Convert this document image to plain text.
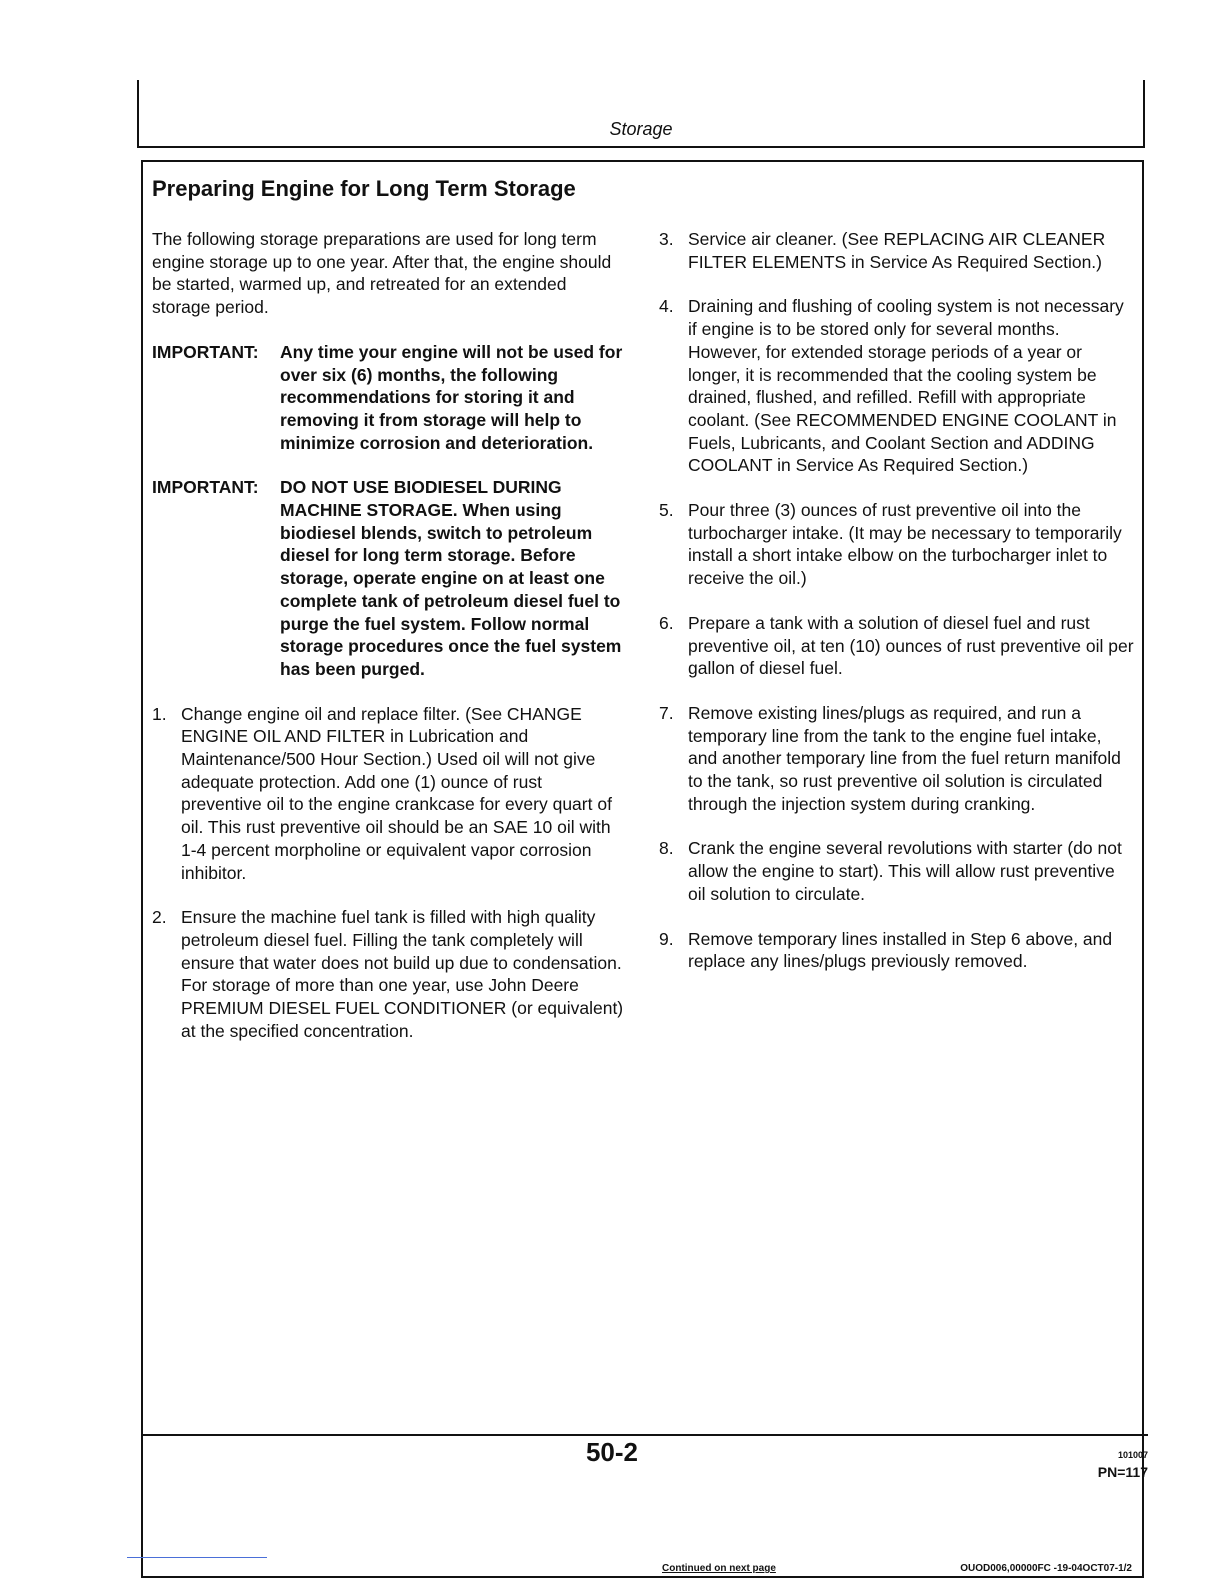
Storage
Preparing Engine for Long Term Storage

The following storage preparations are used for long term engine storage up to one year. After that, the engine should be started, warmed up, and retreated for an extended storage period.

IMPORTANT:	Any time your engine will not be used for over six (6) months, the following recommendations for storing it and removing it from storage will help to minimize corrosion and deterioration.
IMPORTANT:	DO NOT USE BIODIESEL DURING MACHINE STORAGE. When using biodiesel blends, switch to petroleum diesel for long term storage. Before storage, operate engine on at least one complete tank of petroleum diesel fuel to purge the fuel system. Follow normal storage procedures once the fuel system has been purged.
1. Change engine oil and replace filter. (See CHANGE ENGINE OIL AND FILTER in Lubrication and Maintenance/500 Hour Section.) Used oil will not give adequate protection. Add one (1) ounce of rust preventive oil to the engine crankcase for every quart of oil. This rust preventive oil should be an SAE 10 oil with 1-4 percent morpholine or equivalent vapor corrosion inhibitor.
2. Ensure the machine fuel tank is filled with high quality petroleum diesel fuel. Filling the tank completely will ensure that water does not build up due to condensation. For storage of more than one year, use John Deere PREMIUM DIESEL FUEL CONDITIONER (or equivalent) at the specified concentration.
3. Service air cleaner. (See REPLACING AIR CLEANER FILTER ELEMENTS in Service As Required Section.)
4. Draining and flushing of cooling system is not necessary if engine is to be stored only for several months. However, for extended storage periods of a year or longer, it is recommended that the cooling system be drained, flushed, and refilled. Refill with appropriate coolant. (See RECOMMENDED ENGINE COOLANT in Fuels, Lubricants, and Coolant Section and ADDING COOLANT in Service As Required Section.)
5. Pour three (3) ounces of rust preventive oil into the turbocharger intake. (It may be necessary to temporarily install a short intake elbow on the turbocharger inlet to receive the oil.)
6. Prepare a tank with a solution of diesel fuel and rust preventive oil, at ten (10) ounces of rust preventive oil per gallon of diesel fuel.
7. Remove existing lines/plugs as required, and run a temporary line from the tank to the engine fuel intake, and another temporary line from the fuel return manifold to the tank, so rust preventive oil solution is circulated through the injection system during cranking.
8. Crank the engine several revolutions with starter (do not allow the engine to start). This will allow rust preventive oil solution to circulate.
9. Remove temporary lines installed in Step 6 above, and replace any lines/plugs previously removed.
Continued on next page	OUOD006,00000FC -19-04OCT07-1/2
50-2	101007
PN=117
